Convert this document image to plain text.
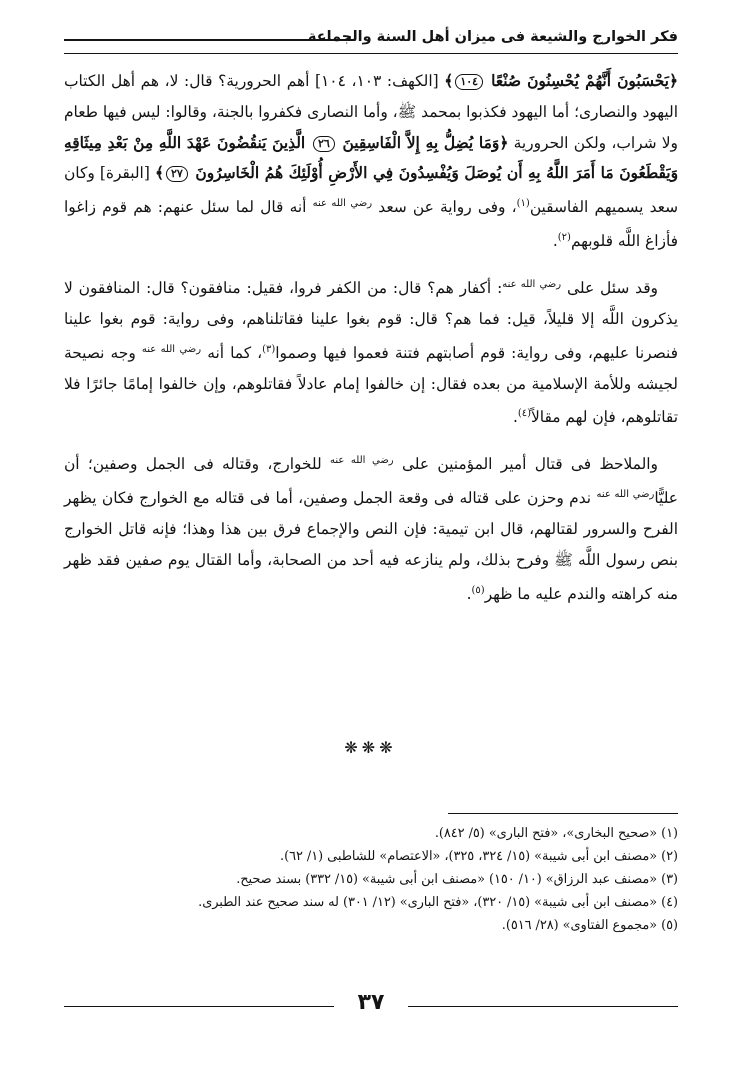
فكر الخوارج والشيعة فى ميزان أهل السنة والجماعة

﴿يَحْسَبُونَ أَنَّهُمْ يُحْسِنُونَ صُنْعًا ١٠٤﴾ [الكهف: ١٠٣، ١٠٤] أهم الحرورية؟ قال: لا، هم أهل الكتاب اليهود والنصارى؛ أما اليهود فكذبوا بمحمد ﷺ، وأما النصارى فكفروا بالجنة، وقالوا: ليس فيها طعام ولا شراب، ولكن الحرورية ﴿وَمَا يُضِلُّ بِهِ إِلاَّ الْفَاسِقِينَ ٢٦ الَّذِينَ يَنقُضُونَ عَهْدَ اللَّهِ مِنْ بَعْدِ مِيثَاقِهِ وَيَقْطَعُونَ مَا أَمَرَ اللَّهُ بِهِ أَن يُوصَلَ وَيُفْسِدُونَ فِي الأَرْضِ أُوْلَئِكَ هُمُ الْخَاسِرُونَ ٢٧﴾ [البقرة] وكان سعد يسميهم الفاسقين$^{(١)}$، وفى رواية عن سعد $^{رضي الله عنه}$ أنه قال لما سئل عنهم: هم قوم زاغوا فأزاغ اللَّه قلوبهم$^{(٢)}$.

وقد سئل على $^{رضي الله عنه}$: أكفار هم؟ قال: من الكفر فروا، فقيل: منافقون؟ قال: المنافقون لا يذكرون اللَّه إلا قليلاً، قيل: فما هم؟ قال: قوم بغوا علينا فقاتلناهم، وفى رواية: قوم بغوا علينا فنصرنا عليهم، وفى رواية: قوم أصابتهم فتنة فعموا فيها وصموا$^{(٣)}$، كما أنه $^{رضي الله عنه}$ وجه نصيحة لجيشه وللأمة الإسلامية من بعده فقال: إن خالفوا إمام عادلاً فقاتلوهم، وإن خالفوا إمامًا جائرًا فلا تقاتلوهم، فإن لهم مقالاً$^{(٤)}$.

والملاحظ فى قتال أمير المؤمنين على $^{رضي الله عنه}$ للخوارج، وقتاله فى الجمل وصفين؛ أن عليًّا$^{رضي الله عنه}$ ندم وحزن على قتاله فى وقعة الجمل وصفين، أما فى قتاله مع الخوارج فكان يظهر الفرح والسرور لقتالهم، قال ابن تيمية: فإن النص والإجماع فرق بين هذا وهذا؛ فإنه قاتل الخوارج بنص رسول اللَّه ﷺ وفرح بذلك، ولم ينازعه فيه أحد من الصحابة، وأما القتال يوم صفين فقد ظهر منه كراهته والندم عليه ما ظهر$^{(٥)}$.

❋❋❋
(١) «صحيح البخارى»، «فتح البارى» (٥/ ٨٤٢).
(٢) «مصنف ابن أبى شيبة» (١٥/ ٣٢٤، ٣٢٥)، «الاعتصام» للشاطبى (١/ ٦٢).
(٣) «مصنف عبد الرزاق» (١٠/ ١٥٠) «مصنف ابن أبى شيبة» (١٥/ ٣٣٢) بسند صحيح.
(٤) «مصنف ابن أبى شيبة» (١٥/ ٣٢٠)، «فتح البارى» (١٢/ ٣٠١) له سند صحيح عند الطبرى.
(٥) «مجموع الفتاوى» (٢٨/ ٥١٦).
٣٧
